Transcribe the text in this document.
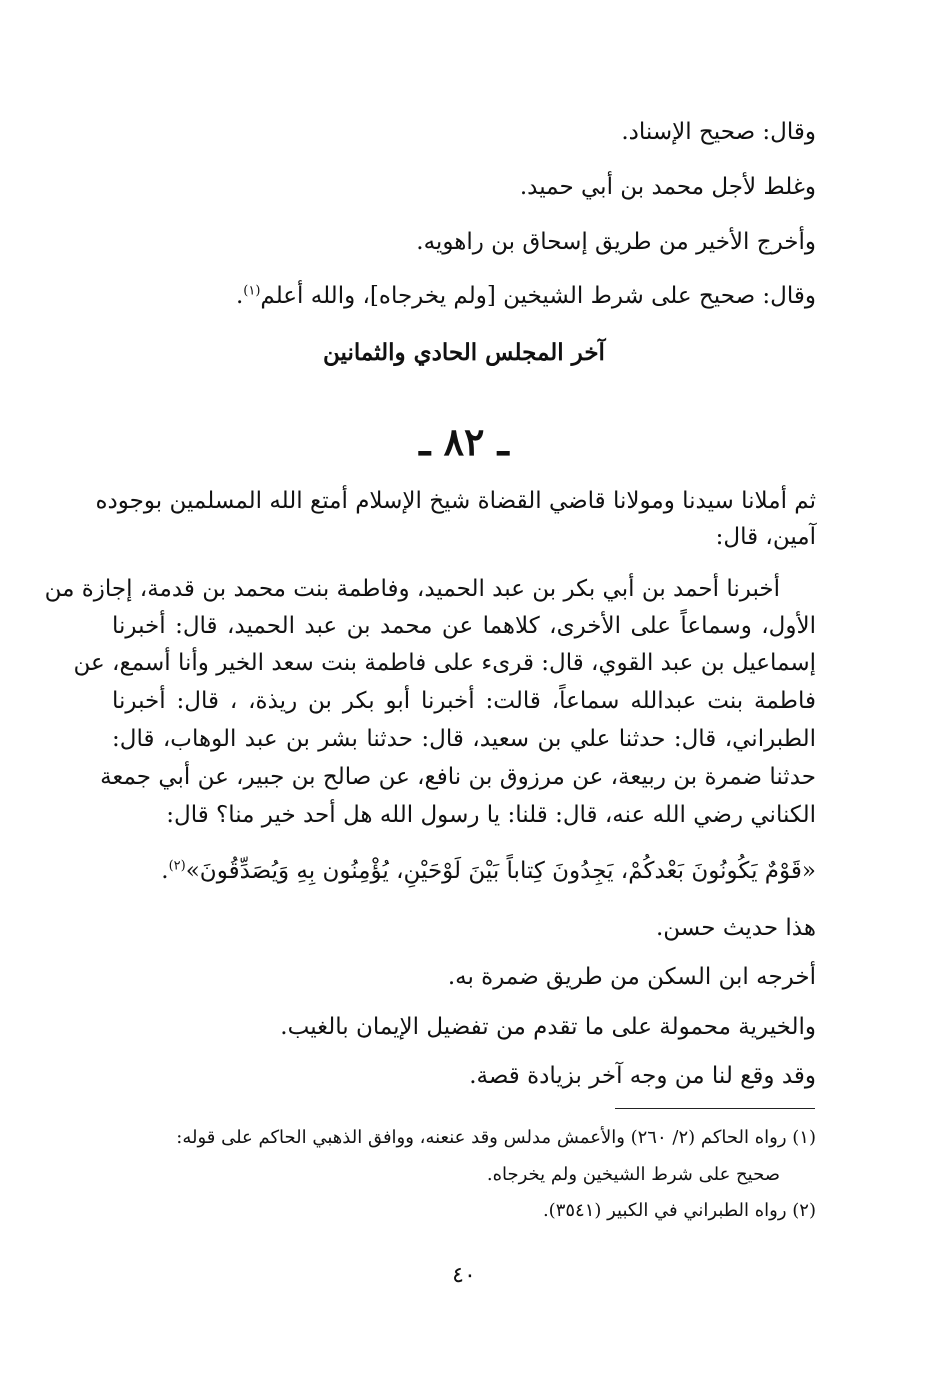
وقال: صحيح الإسناد.
وغلط لأجل محمد بن أبي حميد.
وأخرج الأخير من طريق إسحاق بن راهويه.
وقال: صحيح على شرط الشيخين [ولم يخرجاه]، والله أعلم$^{(١)}$.
آخر المجلس الحادي والثمانين
ـ ٨٢ ـ
ثم أملانا سيدنا ومولانا قاضي القضاة شيخ الإسلام أمتع الله المسلمين بوجوده
آمين، قال:
أخبرنا أحمد بن أبي بكر بن عبد الحميد، وفاطمة بنت محمد بن قدمة، إجازة من
الأول، وسماعاً على الأخرى، كلاهما عن محمد بن عبد الحميد، قال: أخبرنا
إسماعيل بن عبد القوي، قال: قرىء على فاطمة بنت سعد الخير وأنا أسمع، عن
فاطمة بنت عبدالله سماعاً، قالت: أخبرنا أبو بكر بن ريذة، ، قال: أخبرنا
الطبراني، قال: حدثنا علي بن سعيد، قال: حدثنا بشر بن عبد الوهاب، قال:
حدثنا ضمرة بن ربيعة، عن مرزوق بن نافع، عن صالح بن جبير، عن أبي جمعة
الكناني رضي الله عنه، قال: قلنا: يا رسول الله هل أحد خير منا؟ قال:
«قَوْمٌ يَكُونُونَ بَعْدكُمْ، يَجِدُونَ كِتاباً بَيْنَ لَوْحَيْنِ، يُؤْمِنُون بِهِ وَيُصَدِّقُونَ»$^{(٢)}$.
هذا حديث حسن.
أخرجه ابن السكن من طريق ضمرة به.
والخيرية محمولة على ما تقدم من تفضيل الإيمان بالغيب.
وقد وقع لنا من وجه آخر بزيادة قصة.
(١) رواه الحاكم (٢/ ٢٦٠) والأعمش مدلس وقد عنعنه، ووافق الذهبي الحاكم على قوله:
صحيح على شرط الشيخين ولم يخرجاه.
(٢) رواه الطبراني في الكبير (٣٥٤١).
٤٠
